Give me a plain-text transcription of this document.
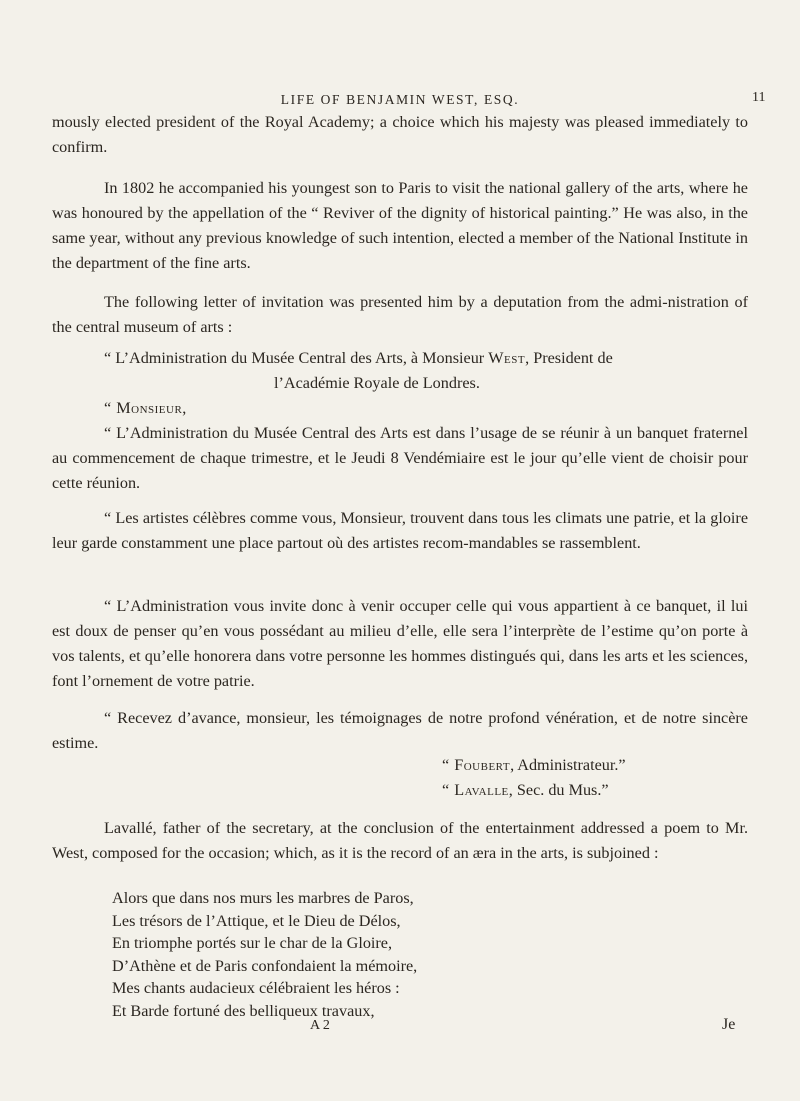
LIFE OF BENJAMIN WEST, ESQ.	11

mously elected president of the Royal Academy; a choice which his majesty was pleased immediately to confirm.

In 1802 he accompanied his youngest son to Paris to visit the national gallery of the arts, where he was honoured by the appellation of the “ Reviver of the dignity of historical painting.” He was also, in the same year, without any previous knowledge of such intention, elected a member of the National Institute in the department of the fine arts.

The following letter of invitation was presented him by a deputation from the admi-nistration of the central museum of arts :

“ L’Administration du Musée Central des Arts, à Monsieur West, President de

l’Académie Royale de Londres.

“ Monsieur,

“ L’Administration du Musée Central des Arts est dans l’usage de se réunir à un banquet fraternel au commencement de chaque trimestre, et le Jeudi 8 Vendémiaire est le jour qu’elle vient de choisir pour cette réunion.

“ Les artistes célèbres comme vous, Monsieur, trouvent dans tous les climats une patrie, et la gloire leur garde constamment une place partout où des artistes recom-mandables se rassemblent.

“ L’Administration vous invite donc à venir occuper celle qui vous appartient à ce banquet, il lui est doux de penser qu’en vous possédant au milieu d’elle, elle sera l’interprète de l’estime qu’on porte à vos talents, et qu’elle honorera dans votre personne les hommes distingués qui, dans les arts et les sciences, font l’ornement de votre patrie.

“ Recevez d’avance, monsieur, les témoignages de notre profond vénération, et de notre sincère estime.

“ Foubert, Administrateur.”
“ Lavalle, Sec. du Mus.”

Lavallé, father of the secretary, at the conclusion of the entertainment addressed a poem to Mr. West, composed for the occasion; which, as it is the record of an æra in the arts, is subjoined :

Alors que dans nos murs les marbres de Paros,
Les trésors de l’Attique, et le Dieu de Délos,
En triomphe portés sur le char de la Gloire,
D’Athène et de Paris confondaient la mémoire,
Mes chants audacieux célébraient les héros :
Et Barde fortuné des belliqueux travaux,
A 2	Je
